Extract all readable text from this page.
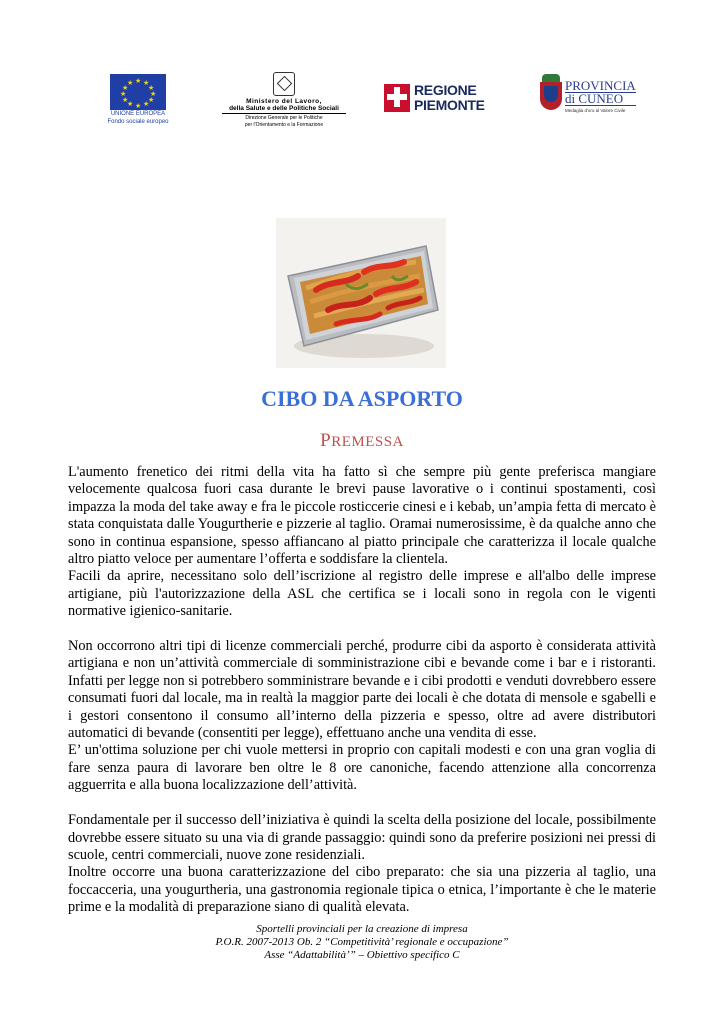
★ ★
★
★
★
★
★
★
★
★
★
★
UNIONE EUROPEA
Fondo sociale europeo
Ministero del Lavoro,
della Salute e delle Politiche Sociali
Direzione Generale per le Politiche
per l'Orientamento e la Formazione
REGIONE
PIEMONTE
PROVINCIA
di CUNEO
Medaglia d'oro al Valore Civile
CIBO DA ASPORTO
PREMESSA

L'aumento frenetico dei ritmi della vita ha fatto sì che sempre più gente preferisca mangiare velocemente qualcosa fuori casa durante le brevi pause lavorative o i continui spostamenti, così impazza la moda del take away e fra le piccole rosticcerie cinesi e i kebab, un’ampia fetta di mercato è stata conquistata dalle Yougurtherie e pizzerie al taglio. Oramai numerosissime, è da qualche anno che sono in continua espansione, spesso affiancano al piatto principale che caratterizza il locale qualche altro piatto veloce per aumentare l’offerta e soddisfare la clientela.

Facili da aprire, necessitano solo dell’iscrizione al registro delle imprese e all'albo delle imprese artigiane, più l'autorizzazione della ASL che certifica se i locali sono in regola con le vigenti normative igienico-sanitarie.

Non occorrono altri tipi di licenze commerciali perché, produrre cibi da asporto è considerata attività artigiana e non un’attività commerciale di somministrazione cibi e bevande come i bar e i ristoranti. Infatti per legge non si potrebbero somministrare bevande e i cibi prodotti e venduti dovrebbero essere consumati fuori dal locale, ma in realtà la maggior parte dei locali è che dotata di mensole e sgabelli e i gestori consentono il consumo all’interno della pizzeria e spesso, oltre ad avere distributori automatici di bevande (consentiti per legge), effettuano anche una vendita di esse.

E’ un'ottima soluzione per chi vuole mettersi in proprio con capitali modesti e con una gran voglia di fare senza paura di lavorare ben oltre le 8 ore canoniche, facendo attenzione alla concorrenza agguerrita e alla buona localizzazione dell’attività.

Fondamentale per il successo dell’iniziativa è quindi la scelta della posizione del locale, possibilmente dovrebbe essere situato su una via di grande passaggio: quindi sono da preferire posizioni nei pressi di scuole, centri commerciali, nuove zone residenziali.

Inoltre occorre una buona caratterizzazione del cibo preparato: che sia una pizzeria al taglio, una foccacceria, una yougurtheria, una gastronomia regionale tipica o etnica, l’importante è che le materie prime e la modalità di preparazione siano di qualità elevata.

Sportelli provinciali per la creazione di impresa
P.O.R. 2007-2013 Ob. 2 “Competitività’ regionale e occupazione”
Asse “Adattabilità’” – Obiettivo specifico C
